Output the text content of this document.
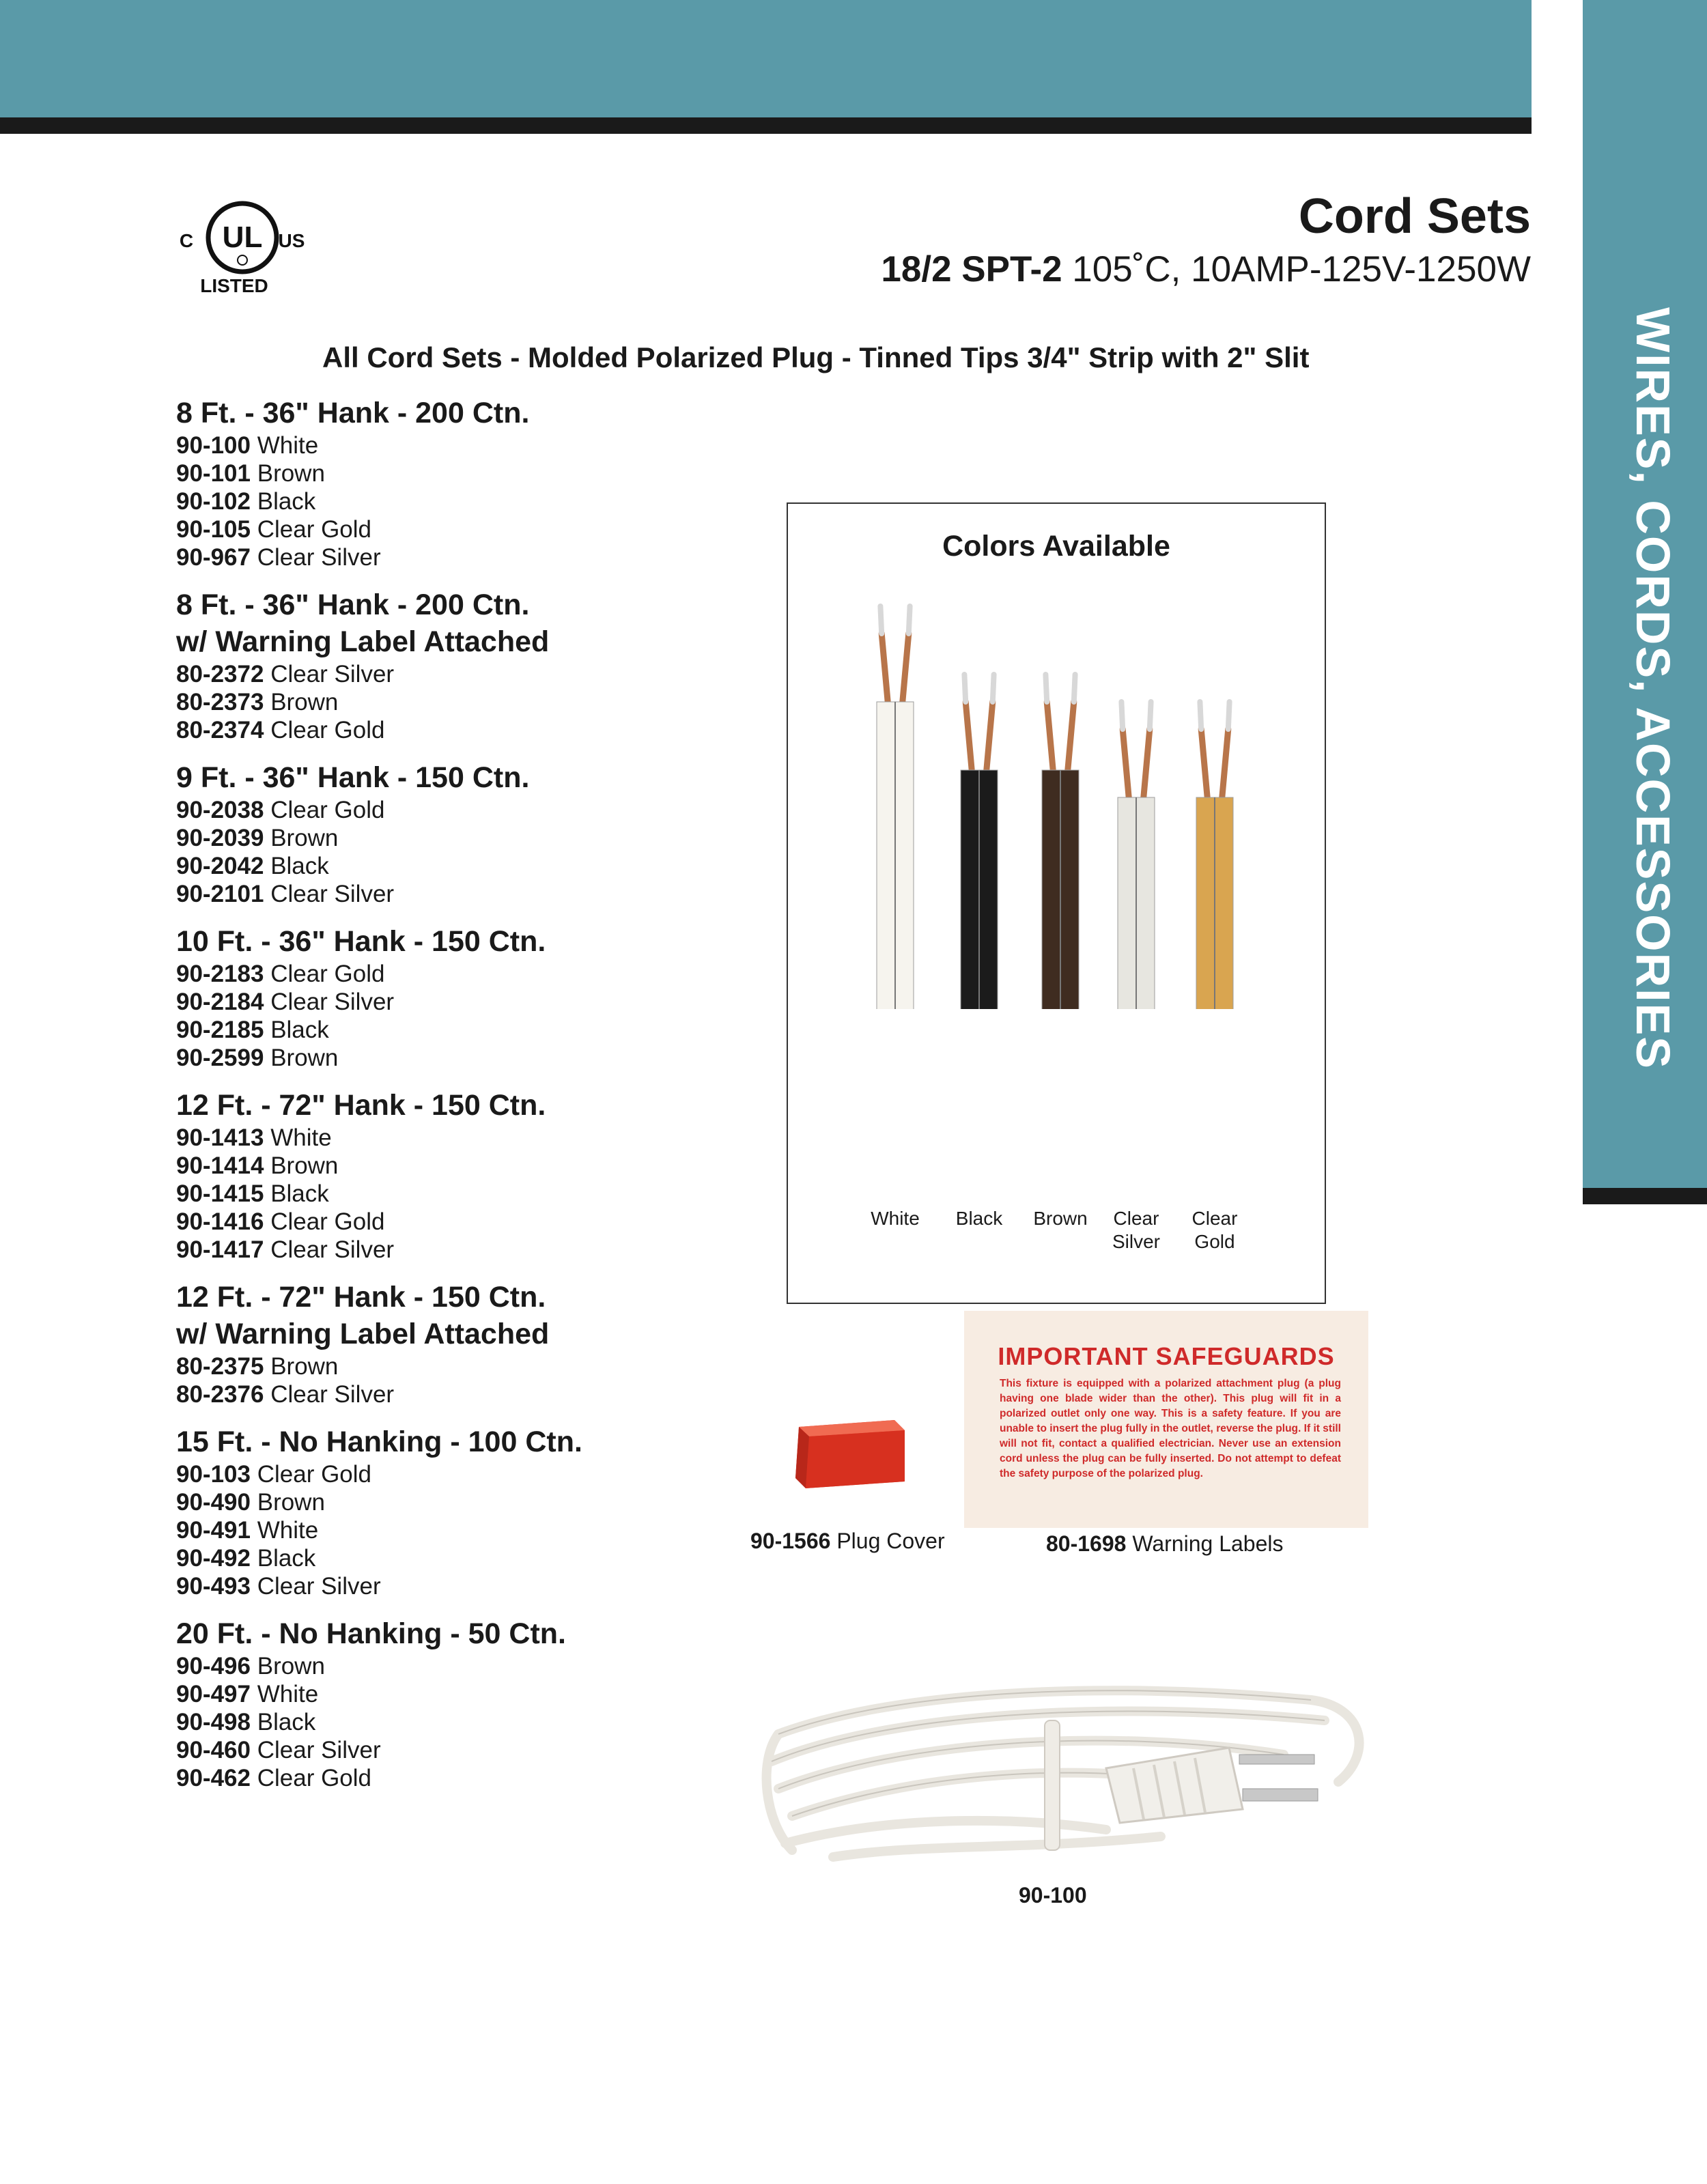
WIRES, CORDS, ACCESSORIES
UL
C	US
LISTED
Cord Sets
18/2 SPT-2 105˚C, 10AMP-125V-1250W
All Cord Sets - Molded Polarized Plug - Tinned Tips 3/4" Strip with 2" Slit
8 Ft. - 36" Hank - 200 Ctn.
90-100 White
90-101 Brown
90-102 Black
90-105 Clear Gold
90-967 Clear Silver
8 Ft. - 36" Hank - 200 Ctn.
w/ Warning Label Attached
80-2372 Clear Silver
80-2373 Brown
80-2374 Clear Gold
9 Ft. - 36" Hank - 150 Ctn.
90-2038 Clear Gold
90-2039 Brown
90-2042 Black
90-2101 Clear Silver
10 Ft. - 36" Hank - 150 Ctn.
90-2183 Clear Gold
90-2184 Clear Silver
90-2185 Black
90-2599 Brown
12 Ft. - 72" Hank - 150 Ctn.
90-1413 White
90-1414 Brown
90-1415 Black
90-1416 Clear Gold
90-1417 Clear Silver
12 Ft. - 72" Hank - 150 Ctn.
w/ Warning Label Attached
80-2375 Brown
80-2376 Clear Silver
15 Ft. - No Hanking - 100 Ctn.
90-103 Clear Gold
90-490 Brown
90-491 White
90-492 Black
90-493 Clear Silver
20 Ft. - No Hanking - 50 Ctn.
90-496 Brown
90-497 White
90-498 Black
90-460 Clear Silver
90-462 Clear Gold
Colors Available
White	Black	Brown	Clear
Silver
Clear
Gold
90-1566 Plug Cover
IMPORTANT SAFEGUARDS
This fixture is equipped with a polarized attachment plug (a plug having one blade wider than the other). This plug will fit in a polarized outlet only one way. This is a safety feature. If you are unable to insert the plug fully in the outlet, reverse the plug. If it still will not fit, contact a qualified electrician. Never use an extension cord unless the plug can be fully inserted. Do not attempt to defeat the safety purpose of the polarized plug.
80-1698 Warning Labels
90-100
